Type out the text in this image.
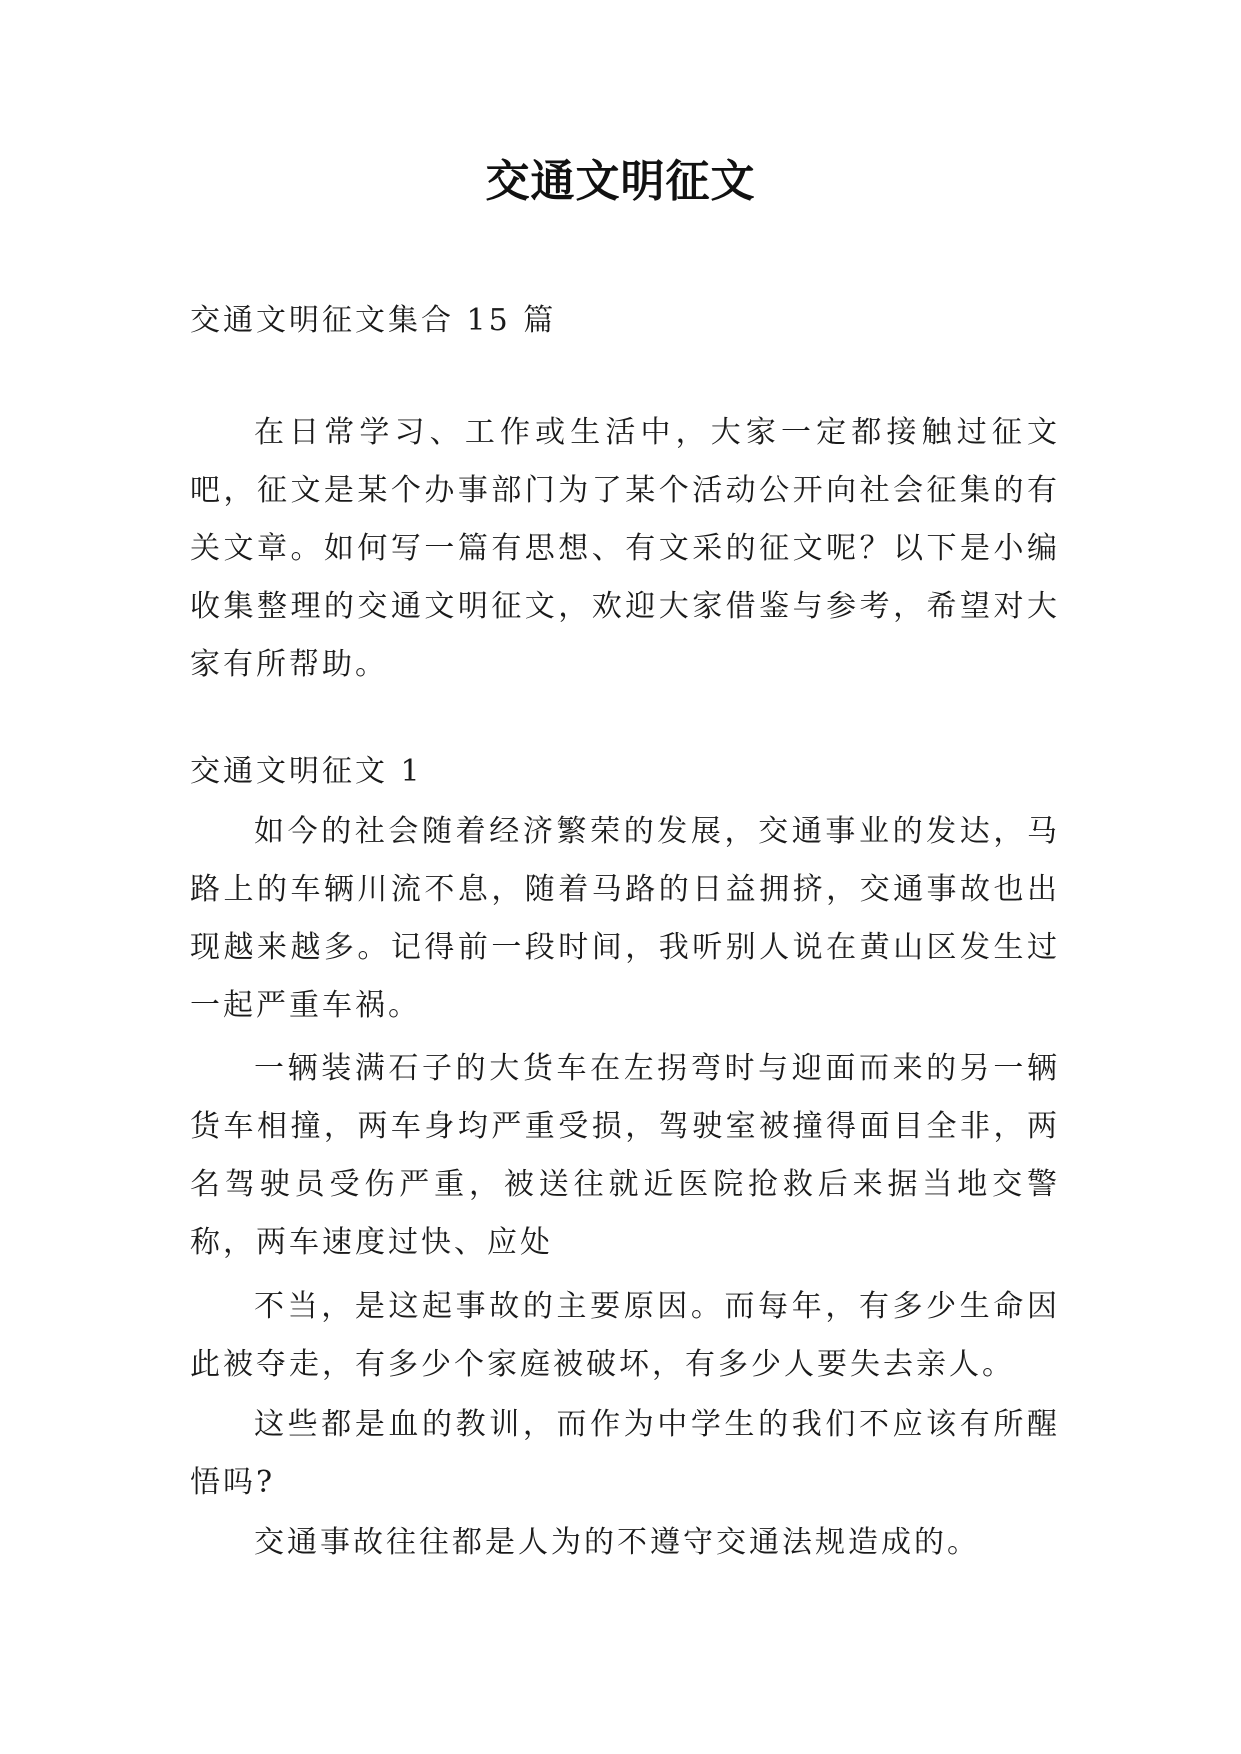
交通文明征文

交通文明征文集合 15 篇

在日常学习、工作或生活中，大家一定都接触过征文吧，征文是某个办事部门为了某个活动公开向社会征集的有关文章。如何写一篇有思想、有文采的征文呢？以下是小编收集整理的交通文明征文，欢迎大家借鉴与参考，希望对大家有所帮助。

交通文明征文 1

如今的社会随着经济繁荣的发展，交通事业的发达，马路上的车辆川流不息，随着马路的日益拥挤，交通事故也出现越来越多。记得前一段时间，我听别人说在黄山区发生过一起严重车祸。

一辆装满石子的大货车在左拐弯时与迎面而来的另一辆货车相撞，两车身均严重受损，驾驶室被撞得面目全非，两名驾驶员受伤严重，被送往就近医院抢救后来据当地交警称，两车速度过快、应处

不当，是这起事故的主要原因。而每年，有多少生命因此被夺走，有多少个家庭被破坏，有多少人要失去亲人。

这些都是血的教训，而作为中学生的我们不应该有所醒悟吗?

交通事故往往都是人为的不遵守交通法规造成的。
